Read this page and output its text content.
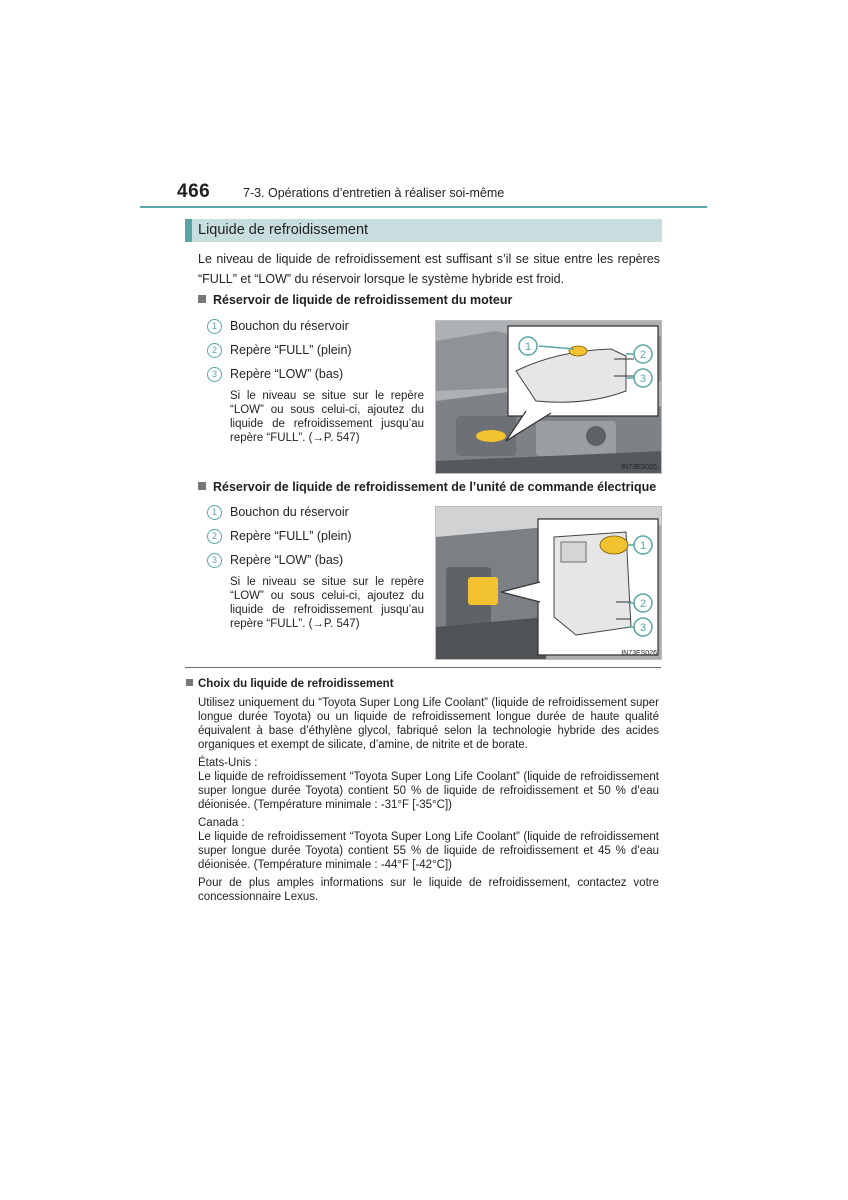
466	7-3. Opérations d’entretien à réaliser soi-même
Liquide de refroidissement
Le niveau de liquide de refroidissement est suffisant s’il se situe entre les repères “FULL” et “LOW” du réservoir lorsque le système hybride est froid.
Réservoir de liquide de refroidissement du moteur
1 Bouchon du réservoir
2 Repère “FULL” (plein)
3 Repère “LOW” (bas)
Si le niveau se situe sur le repère “LOW” ou sous celui-ci, ajoutez du liquide de refroidissement jusqu’au repère “FULL”. (→P. 547)
1
2
3
IN73ES025
Réservoir de liquide de refroidissement de l’unité de commande électrique
1 Bouchon du réservoir
2 Repère “FULL” (plein)
3 Repère “LOW” (bas)
Si le niveau se situe sur le repère “LOW” ou sous celui-ci, ajoutez du liquide de refroidissement jusqu’au repère “FULL”. (→P. 547)
1
2
3
IN73ES026
Choix du liquide de refroidissement

Utilisez uniquement du “Toyota Super Long Life Coolant” (liquide de refroidissement super longue durée Toyota) ou un liquide de refroidissement longue durée de haute qualité équivalent à base d’éthylène glycol, fabriqué selon la technologie hybride des acides organiques et exempt de silicate, d’amine, de nitrite et de borate.

États-Unis :

Le liquide de refroidissement “Toyota Super Long Life Coolant” (liquide de refroidissement super longue durée Toyota) contient 50 % de liquide de refroidissement et 50 % d’eau déionisée. (Température minimale : -31°F [-35°C])

Canada :

Le liquide de refroidissement “Toyota Super Long Life Coolant” (liquide de refroidissement super longue durée Toyota) contient 55 % de liquide de refroidissement et 45 % d’eau déionisée. (Température minimale : -44°F [-42°C])

Pour de plus amples informations sur le liquide de refroidissement, contactez votre concessionnaire Lexus.
